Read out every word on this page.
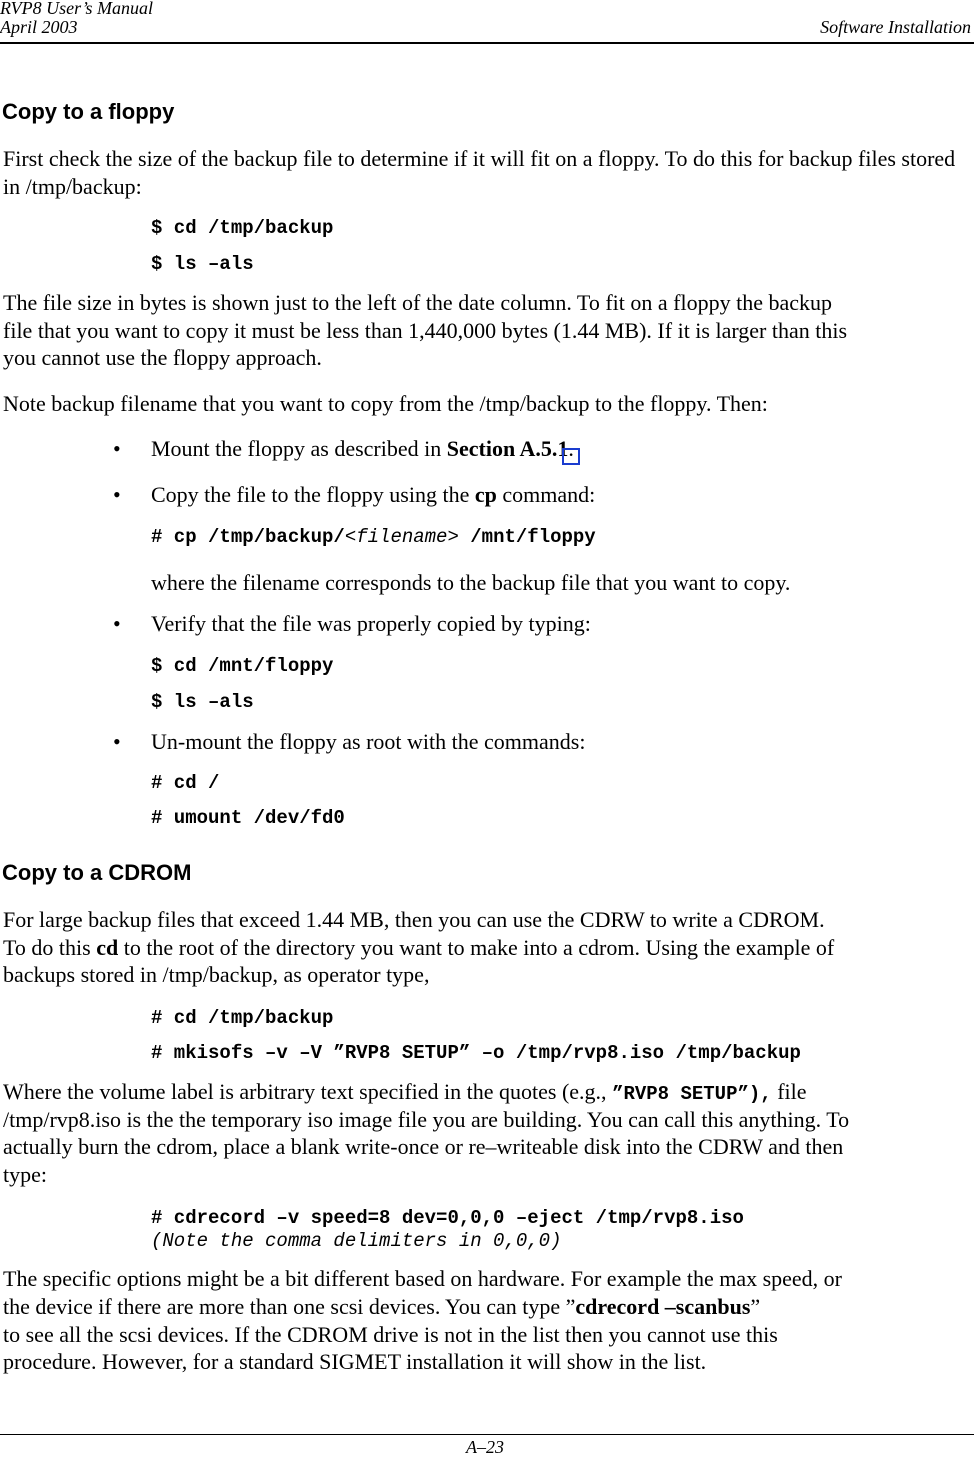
RVP8 User’s Manual
April 2003	Software Installation
Copy to a floppy

First check the size of the backup file to determine if it will fit on a floppy. To do this for backup files stored in /tmp/backup:

$ cd /tmp/backup
$ ls –als
The file size in bytes is shown just to the left of the date column. To fit on a floppy the backup
file that you want to copy it must be less than 1,440,000 bytes (1.44 MB). If it is larger than this
you cannot use the floppy approach.
Note backup filename that you want to copy from the /tmp/backup to the floppy. Then:
• Mount the floppy as described in Section A.5.1.
• Copy the file to the floppy using the cp command:
# cp /tmp/backup/<filename> /mnt/floppy
where the filename corresponds to the backup file that you want to copy.
• Verify that the file was properly copied by typing:
$ cd /mnt/floppy
$ ls –als
• Un-mount the floppy as root with the commands:
# cd /
# umount /dev/fd0
Copy to a CDROM
For large backup files that exceed 1.44 MB, then you can use the CDRW to write a CDROM.
To do this cd to the root of the directory you want to make into a cdrom. Using the example of
backups stored in /tmp/backup, as operator type,
# cd /tmp/backup
# mkisofs –v –V ”RVP8 SETUP” –o /tmp/rvp8.iso /tmp/backup
Where the volume label is arbitrary text specified in the quotes (e.g., ”RVP8 SETUP”), file
/tmp/rvp8.iso is the the temporary iso image file you are building. You can call this anything. To
actually burn the cdrom, place a blank write-once or re–writeable disk into the CDRW and then
type:
# cdrecord –v speed=8 dev=0,0,0 –eject /tmp/rvp8.iso
(Note the comma delimiters in 0,0,0)
The specific options might be a bit different based on hardware. For example the max speed, or
the device if there are more than one scsi devices. You can type ”cdrecord –scanbus”
to see all the scsi devices. If the CDROM drive is not in the list then you cannot use this
procedure. However, for a standard SIGMET installation it will show in the list.
A–23
